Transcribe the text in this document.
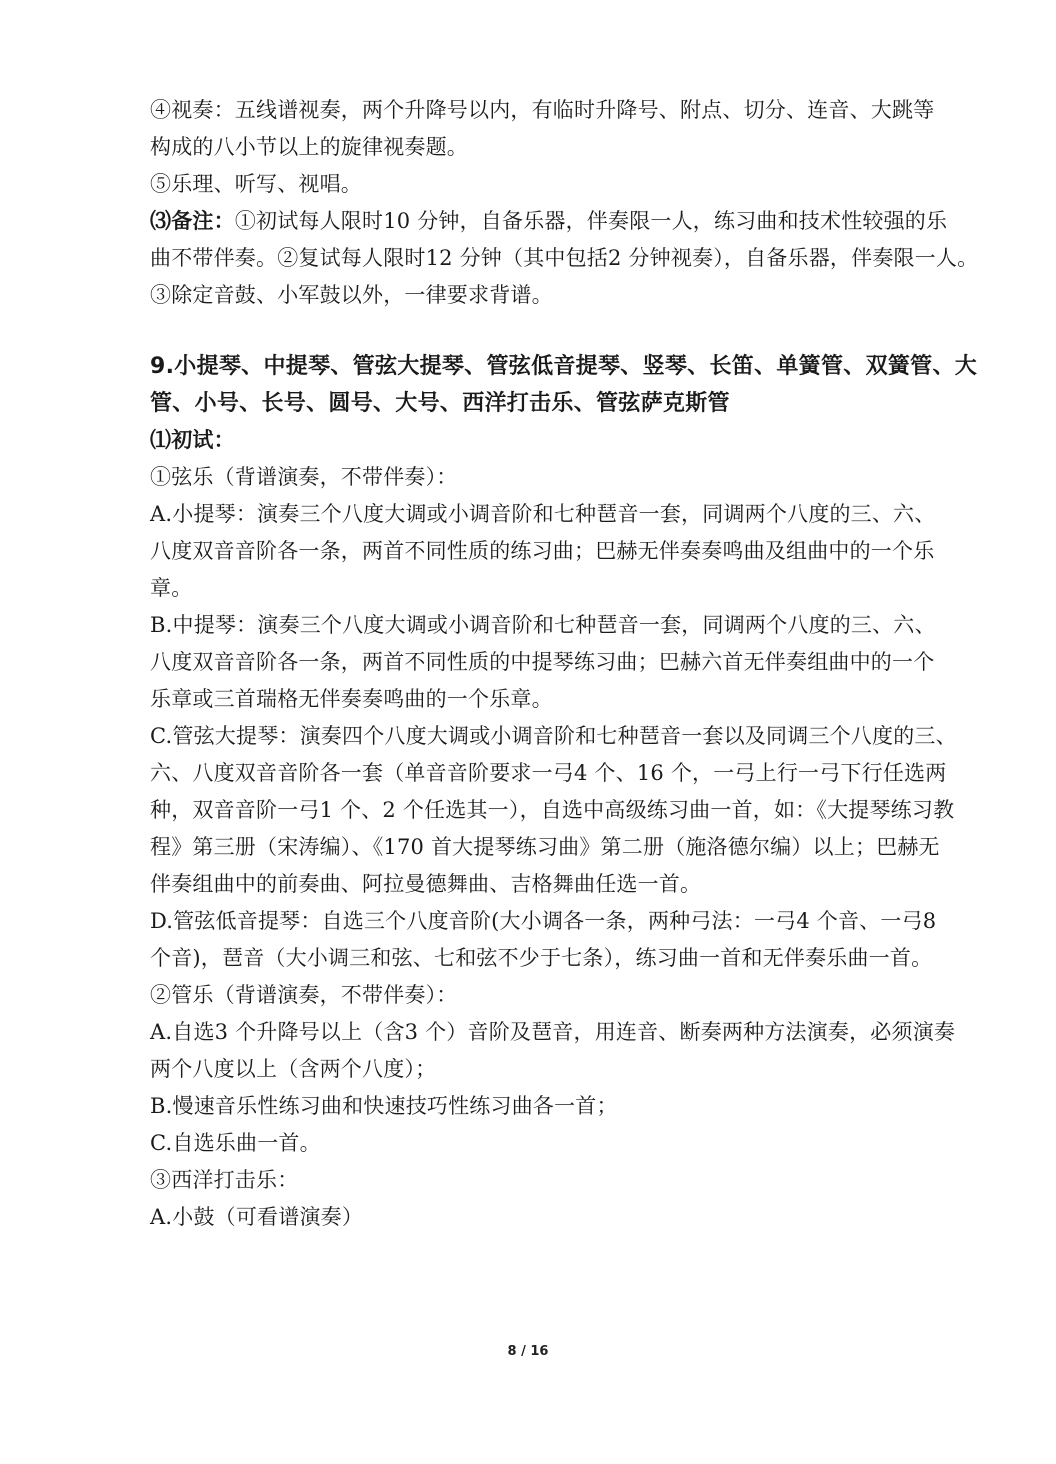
④视奏：五线谱视奏，两个升降号以内，有临时升降号、附点、切分、连音、大跳等
构成的八小节以上的旋律视奏题。
⑤乐理、听写、视唱。
⑶备注：①初试每人限时10 分钟，自备乐器，伴奏限一人，练习曲和技术性较强的乐
曲不带伴奏。②复试每人限时12 分钟（其中包括2 分钟视奏），自备乐器，伴奏限一人。
③除定音鼓、小军鼓以外，一律要求背谱。
9.小提琴、中提琴、管弦大提琴、管弦低音提琴、竖琴、长笛、单簧管、双簧管、大
管、小号、长号、圆号、大号、西洋打击乐、管弦萨克斯管
⑴初试：
①弦乐（背谱演奏，不带伴奏）：
A.小提琴：演奏三个八度大调或小调音阶和七种琶音一套，同调两个八度的三、六、
八度双音音阶各一条，两首不同性质的练习曲；巴赫无伴奏奏鸣曲及组曲中的一个乐
章。
B.中提琴：演奏三个八度大调或小调音阶和七种琶音一套，同调两个八度的三、六、
八度双音音阶各一条，两首不同性质的中提琴练习曲；巴赫六首无伴奏组曲中的一个
乐章或三首瑞格无伴奏奏鸣曲的一个乐章。
C.管弦大提琴：演奏四个八度大调或小调音阶和七种琶音一套以及同调三个八度的三、
六、八度双音音阶各一套（单音音阶要求一弓4 个、16 个，一弓上行一弓下行任选两
种，双音音阶一弓1 个、2 个任选其一），自选中高级练习曲一首，如：《大提琴练习教
程》第三册（宋涛编）、《170 首大提琴练习曲》第二册（施洛德尔编）以上；巴赫无
伴奏组曲中的前奏曲、阿拉曼德舞曲、吉格舞曲任选一首。
D.管弦低音提琴：自选三个八度音阶(大小调各一条，两种弓法：一弓4 个音、一弓8
个音)，琶音（大小调三和弦、七和弦不少于七条），练习曲一首和无伴奏乐曲一首。
②管乐（背谱演奏，不带伴奏）：
A.自选3 个升降号以上（含3 个）音阶及琶音，用连音、断奏两种方法演奏，必须演奏
两个八度以上（含两个八度）；
B.慢速音乐性练习曲和快速技巧性练习曲各一首；
C.自选乐曲一首。
③西洋打击乐：
A.小鼓（可看谱演奏）
8 / 16
